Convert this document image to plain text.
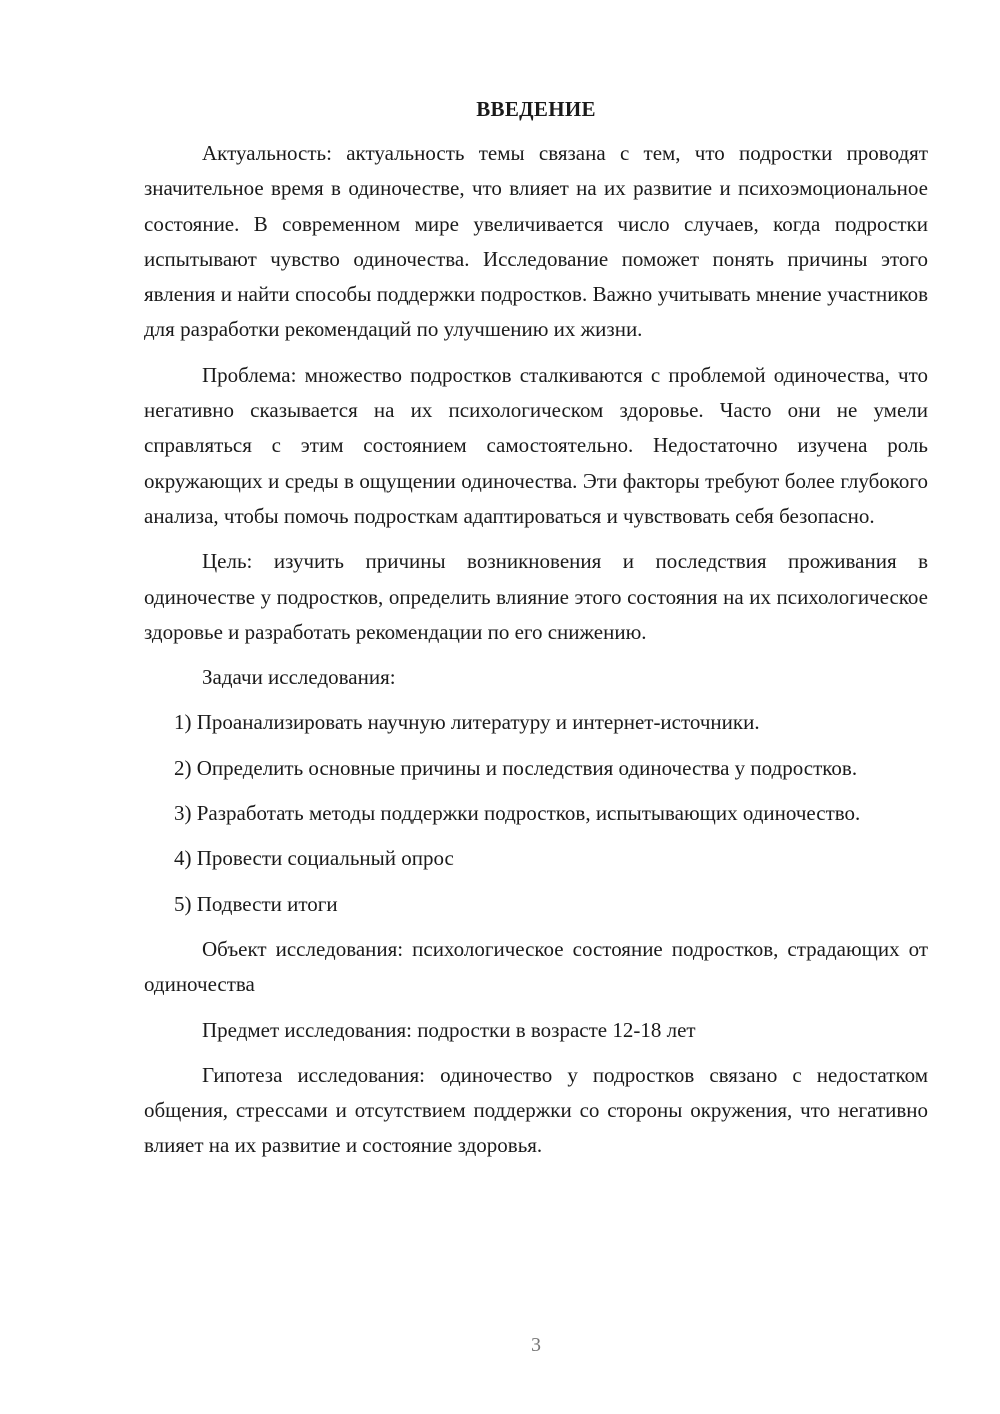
ВВЕДЕНИЕ

Актуальность: актуальность темы связана с тем, что подростки проводят значительное время в одиночестве, что влияет на их развитие и психоэмоциональное состояние. В современном мире увеличивается число случаев, когда подростки испытывают чувство одиночества. Исследование поможет понять причины этого явления и найти способы поддержки подростков. Важно учитывать мнение участников для разработки рекомендаций по улучшению их жизни.

Проблема: множество подростков сталкиваются с проблемой одиночества, что негативно сказывается на их психологическом здоровье. Часто они не умели справляться с этим состоянием самостоятельно. Недостаточно изучена роль окружающих и среды в ощущении одиночества. Эти факторы требуют более глубокого анализа, чтобы помочь подросткам адаптироваться и чувствовать себя безопасно.

Цель: изучить причины возникновения и последствия проживания в одиночестве у подростков, определить влияние этого состояния на их психологическое здоровье и разработать рекомендации по его снижению.

Задачи исследования:

1) Проанализировать научную литературу и интернет-источники.

2) Определить основные причины и последствия одиночества у подростков.

3) Разработать методы поддержки подростков, испытывающих одиночество.

4) Провести социальный опрос

5) Подвести итоги

Объект исследования: психологическое состояние подростков, страдающих от одиночества

Предмет исследования: подростки в возрасте 12-18 лет

Гипотеза исследования: одиночество у подростков связано с недостатком общения, стрессами и отсутствием поддержки со стороны окружения, что негативно влияет на их развитие и состояние здоровья.

3
